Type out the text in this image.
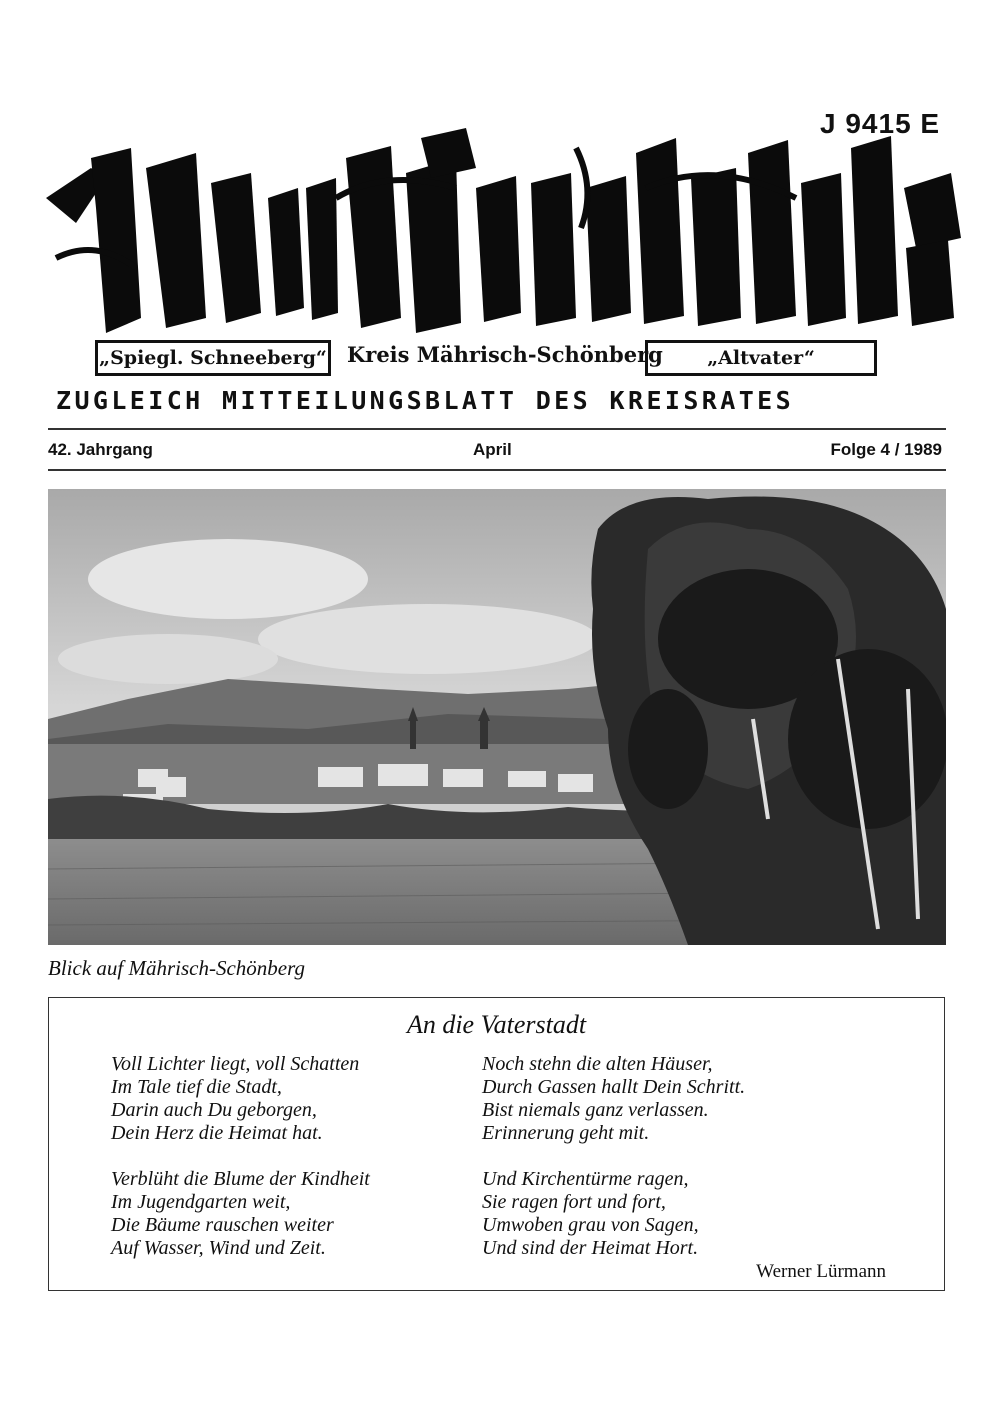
J 9415 E
„Spiegl. Schneeberg“ Kreis Mährisch-Schönberg	„Altvater“
ZUGLEICH MITTEILUNGSBLATT DES KREISRATES
42. Jahrgang	April	Folge 4 / 1989
Blick auf Mährisch-Schönberg
An die Vaterstadt
Voll Lichter liegt, voll Schatten
Im Tale tief die Stadt,
Darin auch Du geborgen,
Dein Herz die Heimat hat.
Noch stehn die alten Häuser,
Durch Gassen hallt Dein Schritt.
Bist niemals ganz verlassen.
Erinnerung geht mit.
Verblüht die Blume der Kindheit
Im Jugendgarten weit,
Die Bäume rauschen weiter
Auf Wasser, Wind und Zeit.
Und Kirchentürme ragen,
Sie ragen fort und fort,
Umwoben grau von Sagen,
Und sind der Heimat Hort.
Werner Lürmann
